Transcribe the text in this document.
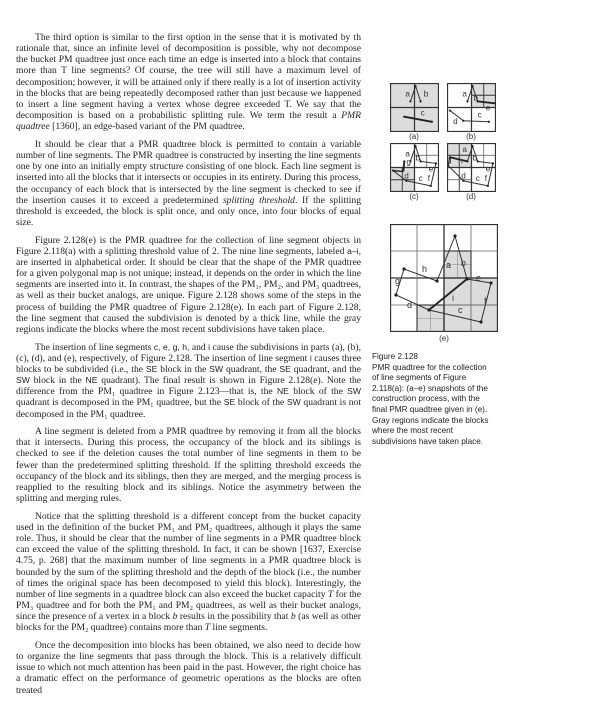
The third option is similar to the first option in the sense that it is motivated by th rationale that, since an infinite level of decomposition is possible, why not decompose the bucket PM quadtree just once each time an edge is inserted into a block that contains more than T line segments? Of course, the tree will still have a maximum level of decomposition; however, it will be attained only if there really is a lot of insertion activity in the blocks that are being repeatedly decomposed rather than just because we happened to insert a line segment having a vertex whose degree exceeded T. We say that the decomposition is based on a probabilistic splitting rule. We term the result a PMR quadtree [1360], an edge-based variant of the PM quadtree.

It should be clear that a PMR quadtree block is permitted to contain a variable number of line segments. The PMR quadtree is constructed by inserting the line segments one by one into an initially empty structure consisting of one block. Each line segment is inserted into all the blocks that it intersects or occupies in its entirety. During this process, the occupancy of each block that is intersected by the line segment is checked to see if the insertion causes it to exceed a predetermined splitting threshold. If the splitting threshold is exceeded, the block is split once, and only once, into four blocks of equal size.

Figure 2.128(e) is the PMR quadtree for the collection of line segment objects in Figure 2.118(a) with a splitting threshold value of 2. The nine line segments, labeled a–i, are inserted in alphabetical order. It should be clear that the shape of the PMR quadtree for a given polygonal map is not unique; instead, it depends on the order in which the line segments are inserted into it. In contrast, the shapes of the PM₁, PM₂, and PM₃ quadtrees, as well as their bucket analogs, are unique. Figure 2.128 shows some of the steps in the process of building the PMR quadtree of Figure 2.128(e). In each part of Figure 2.128, the line segment that caused the subdivision is denoted by a thick line, while the gray regions indicate the blocks where the most recent subdivisions have taken place.

The insertion of line segments c, e, g, h, and i cause the subdivisions in parts (a), (b), (c), (d), and (e), respectively, of Figure 2.128. The insertion of line segment i causes three blocks to be subdivided (i.e., the SE block in the SW quadrant, the SE quadrant, and the SW block in the NE quadrant). The final result is shown in Figure 2.128(e). Note the difference from the PM₁ quadtree in Figure 2.123—that is, the NE block of the SW quadrant is decomposed in the PM₁ quadtree, but the SE block of the SW quadrant is not decomposed in the PM₁ quadtree.

A line segment is deleted from a PMR quadtree by removing it from all the blocks that it intersects. During this process, the occupancy of the block and its siblings is checked to see if the deletion causes the total number of line segments in them to be fewer than the predetermined splitting threshold. If the splitting threshold exceeds the occupancy of the block and its siblings, then they are merged, and the merging process is reapplied to the resulting block and its siblings. Notice the asymmetry between the splitting and merging rules.

Notice that the splitting threshold is a different concept from the bucket capacity used in the definition of the bucket PM₁ and PM₂ quadtrees, although it plays the same role. Thus, it should be clear that the number of line segments in a PMR quadtree block can exceed the value of the splitting threshold. In fact, it can be shown [1637, Exercise 4.75, p. 268] that the maximum number of line segments in a PMR quadtree block is bounded by the sum of the splitting threshold and the depth of the block (i.e., the number of times the original space has been decomposed to yield this block). Interestingly, the number of line segments in a quadtree block can also exceed the bucket capacity T for the PM₃ quadtree and for both the PM₁ and PM₂ quadtrees, as well as their bucket analogs, since the presence of a vertex in a block b results in the possibility that b (as well as other blocks for the PM₂ quadtree) contains more than T line segments.

Once the decomposition into blocks has been obtained, we also need to decide how to organize the line segments that pass through the block. This is a relatively difficult issue to which not much attention has been paid in the past. However, the right choice has a dramatic effect on the performance of geometric operations as the blocks are often treated

a b
c
(a)
a b
e
d
c
(b)
a b
g
e
d c f
(c)
a
b
h
g
e
d c f
(d)
a b
h
g	e
i	f
d	c
(e)
Figure 2.128
PMR quadtree for the collection of line segments of Figure 2.118(a): (a–e) snapshots of the construction process, with the final PMR quadtree given in (e). Gray regions indicate the blocks where the most recent subdivisions have taken place.
